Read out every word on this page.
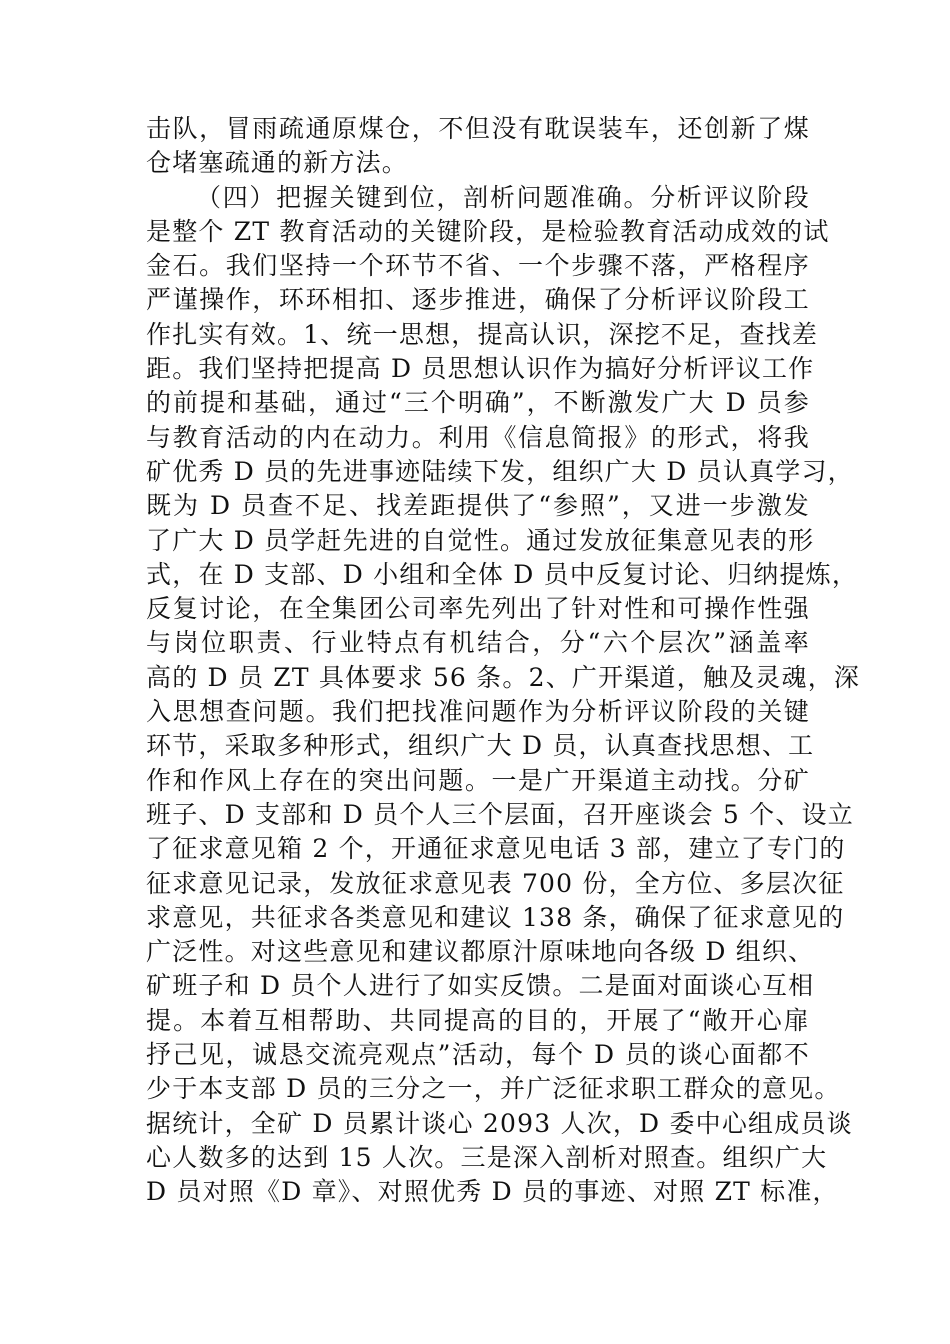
击队，冒雨疏通原煤仓，不但没有耽误装车，还创新了煤
仓堵塞疏通的新方法。
（四）把握关键到位，剖析问题准确。分析评议阶段
是整个 ZT 教育活动的关键阶段，是检验教育活动成效的试
金石。我们坚持一个环节不省、一个步骤不落，严格程序
严谨操作，环环相扣、逐步推进，确保了分析评议阶段工
作扎实有效。1、统一思想，提高认识，深挖不足，查找差
距。我们坚持把提高 D 员思想认识作为搞好分析评议工作
的前提和基础，通过“三个明确”，不断激发广大 D 员参
与教育活动的内在动力。利用《信息简报》的形式，将我
矿优秀 D 员的先进事迹陆续下发，组织广大 D 员认真学习，
既为 D 员查不足、找差距提供了“参照”，又进一步激发
了广大 D 员学赶先进的自觉性。通过发放征集意见表的形
式，在 D 支部、D 小组和全体 D 员中反复讨论、归纳提炼，
反复讨论，在全集团公司率先列出了针对性和可操作性强
与岗位职责、行业特点有机结合，分“六个层次”涵盖率
高的 D 员 ZT 具体要求 56 条。2、广开渠道，触及灵魂，深
入思想查问题。我们把找准问题作为分析评议阶段的关键
环节，采取多种形式，组织广大 D 员，认真查找思想、工
作和作风上存在的突出问题。一是广开渠道主动找。分矿
班子、D 支部和 D 员个人三个层面，召开座谈会 5 个、设立
了征求意见箱 2 个，开通征求意见电话 3 部，建立了专门的
征求意见记录，发放征求意见表 700 份，全方位、多层次征
求意见，共征求各类意见和建议 138 条，确保了征求意见的
广泛性。对这些意见和建议都原汁原味地向各级 D 组织、
矿班子和 D 员个人进行了如实反馈。二是面对面谈心互相
提。本着互相帮助、共同提高的目的，开展了“敞开心扉
抒己见，诚恳交流亮观点”活动，每个 D 员的谈心面都不
少于本支部 D 员的三分之一，并广泛征求职工群众的意见。
据统计，全矿 D 员累计谈心 2093 人次，D 委中心组成员谈
心人数多的达到 15 人次。三是深入剖析对照查。组织广大
D 员对照《D 章》、对照优秀 D 员的事迹、对照 ZT 标准，
